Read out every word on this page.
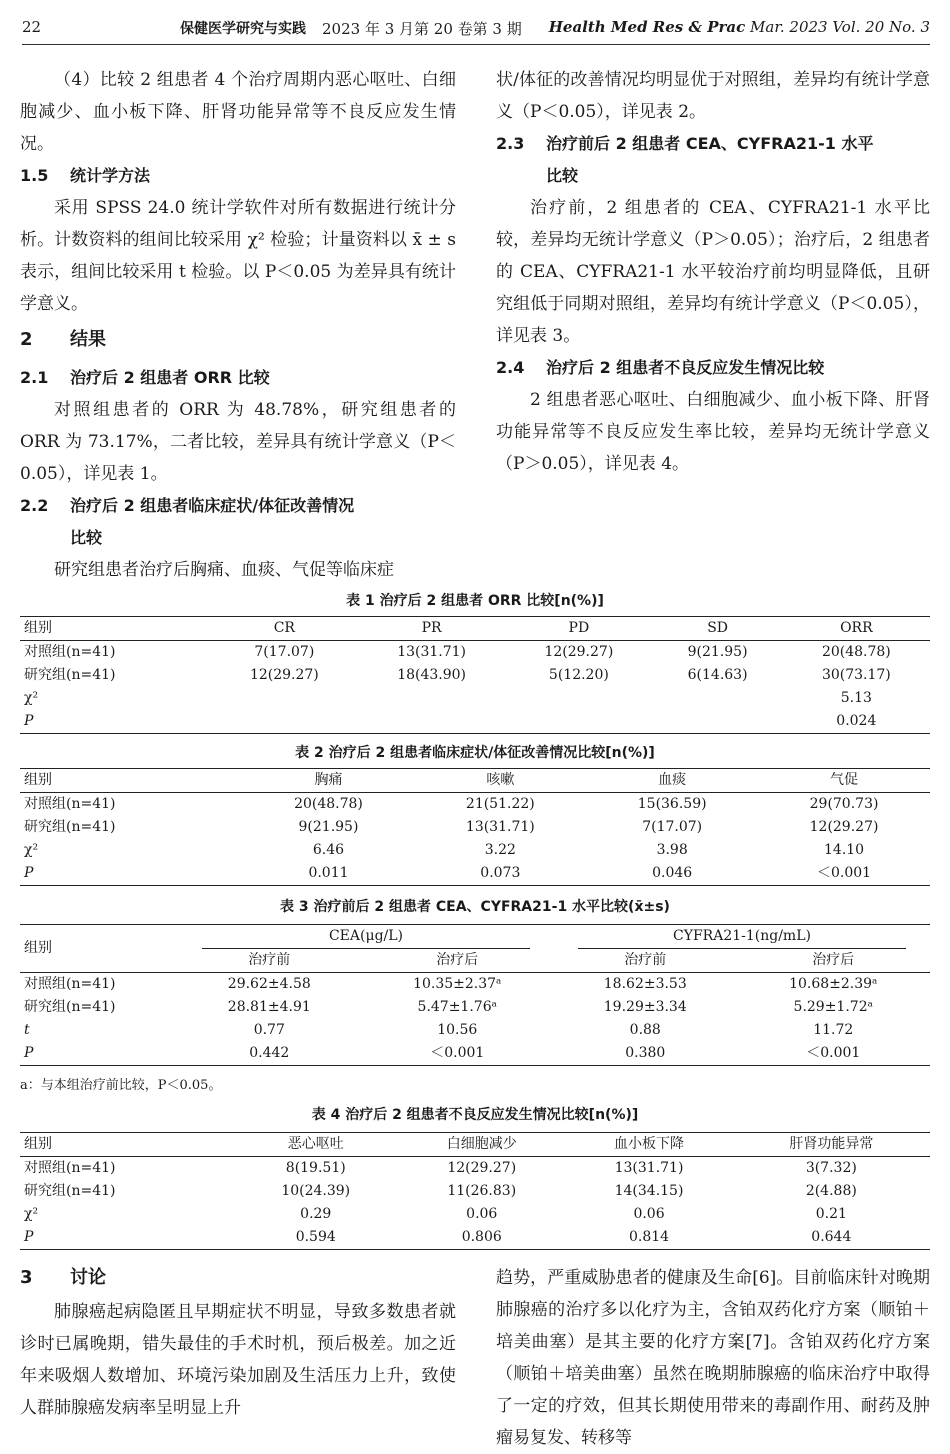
22	保健医学研究与实践 2023 年 3 月第 20 卷第 3 期 Health Med Res & Prac Mar. 2023 Vol. 20 No. 3

（4）比较 2 组患者 4 个治疗周期内恶心呕吐、白细胞减少、血小板下降、肝肾功能异常等不良反应发生情况。

1.5 统计学方法

采用 SPSS 24.0 统计学软件对所有数据进行统计分析。计数资料的组间比较采用 χ² 检验；计量资料以 x̄ ± s 表示，组间比较采用 t 检验。以 P＜0.05 为差异具有统计学意义。

2 结果
2.1 治疗后 2 组患者 ORR 比较

对照组患者的 ORR 为 48.78%，研究组患者的 ORR 为 73.17%，二者比较，差异具有统计学意义（P＜0.05），详见表 1。

2.2 治疗后 2 组患者临床症状/体征改善情况
比较

研究组患者治疗后胸痛、血痰、气促等临床症

状/体征的改善情况均明显优于对照组，差异均有统计学意义（P＜0.05），详见表 2。

2.3 治疗前后 2 组患者 CEA、CYFRA21-1 水平
比较

治疗前，2 组患者的 CEA、CYFRA21-1 水平比较，差异均无统计学意义（P＞0.05）；治疗后，2 组患者的 CEA、CYFRA21-1 水平较治疗前均明显降低，且研究组低于同期对照组，差异均有统计学意义（P＜0.05），详见表 3。

2.4 治疗后 2 组患者不良反应发生情况比较

2 组患者恶心呕吐、白细胞减少、血小板下降、肝肾功能异常等不良反应发生率比较，差异均无统计学意义（P＞0.05），详见表 4。

表 1 治疗后 2 组患者 ORR 比较[n(%)]
组别	CR	PR	PD	SD	ORR
对照组(n=41)	7(17.07)	13(31.71)	12(29.27)	9(21.95)	20(48.78)
研究组(n=41)	12(29.27)	18(43.90)	5(12.20)	6(14.63)	30(73.17)
χ²					5.13
P					0.024
表 2 治疗后 2 组患者临床症状/体征改善情况比较[n(%)]
组别	胸痛	咳嗽	血痰	气促
对照组(n=41)	20(48.78)	21(51.22)	15(36.59)	29(70.73)
研究组(n=41)	9(21.95)	13(31.71)	7(17.07)	12(29.27)
χ²	6.46	3.22	3.98	14.10
P	0.011	0.073	0.046	＜0.001
表 3 治疗前后 2 组患者 CEA、CYFRA21-1 水平比较(x̄±s)
组别	CEA(μg/L)		CYFRA21-1(ng/mL)	

	治疗前	治疗后	治疗前	治疗后
对照组(n=41)	29.62±4.58	10.35±2.37ᵃ	18.62±3.53	10.68±2.39ᵃ
研究组(n=41)	28.81±4.91	5.47±1.76ᵃ	19.29±3.34	5.29±1.72ᵃ
t	0.77	10.56	0.88	11.72
P	0.442	＜0.001	0.380	＜0.001
a：与本组治疗前比较，P＜0.05。
表 4 治疗后 2 组患者不良反应发生情况比较[n(%)]
组别	恶心呕吐	白细胞减少	血小板下降	肝肾功能异常
对照组(n=41)	8(19.51)	12(29.27)	13(31.71)	3(7.32)
研究组(n=41)	10(24.39)	11(26.83)	14(34.15)	2(4.88)
χ²	0.29	0.06	0.06	0.21
P	0.594	0.806	0.814	0.644
3 讨论

肺腺癌起病隐匿且早期症状不明显，导致多数患者就诊时已属晚期，错失最佳的手术时机，预后极差。加之近年来吸烟人数增加、环境污染加剧及生活压力上升，致使人群肺腺癌发病率呈明显上升

趋势，严重威胁患者的健康及生命[6]。目前临床针对晚期肺腺癌的治疗多以化疗为主，含铂双药化疗方案（顺铂＋培美曲塞）是其主要的化疗方案[7]。含铂双药化疗方案（顺铂＋培美曲塞）虽然在晚期肺腺癌的临床治疗中取得了一定的疗效，但其长期使用带来的毒副作用、耐药及肿瘤易复发、转移等
